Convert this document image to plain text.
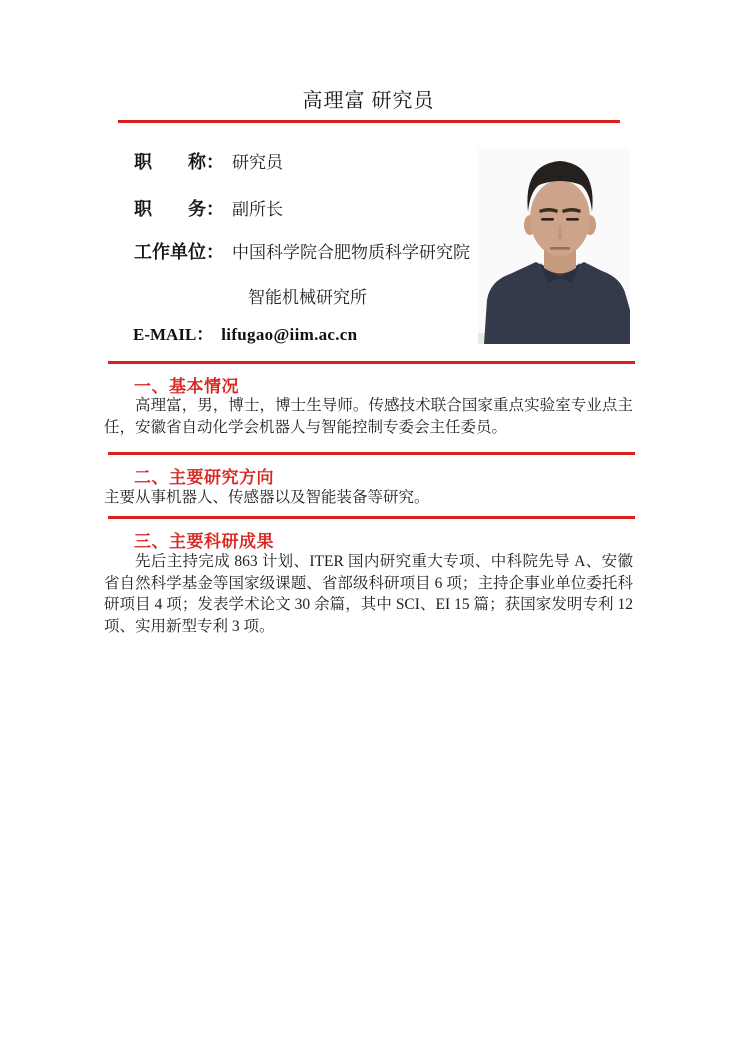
高理富 研究员
职　　称： 研究员
职　　务： 副所长
工作单位： 中国科学院合肥物质科学研究院
智能机械研究所
E-MAIL： lifugao@iim.ac.cn
一、基本情况
高理富，男，博士，博士生导师。传感技术联合国家重点实验室专业点主任，安徽省自动化学会机器人与智能控制专委会主任委员。
二、主要研究方向
主要从事机器人、传感器以及智能装备等研究。
三、主要科研成果
先后主持完成 863 计划、ITER 国内研究重大专项、中科院先导 A、安徽省自然科学基金等国家级课题、省部级科研项目 6 项；主持企事业单位委托科研项目 4 项；发表学术论文 30 余篇，其中 SCI、EI 15 篇；获国家发明专利 12 项、实用新型专利 3 项。
